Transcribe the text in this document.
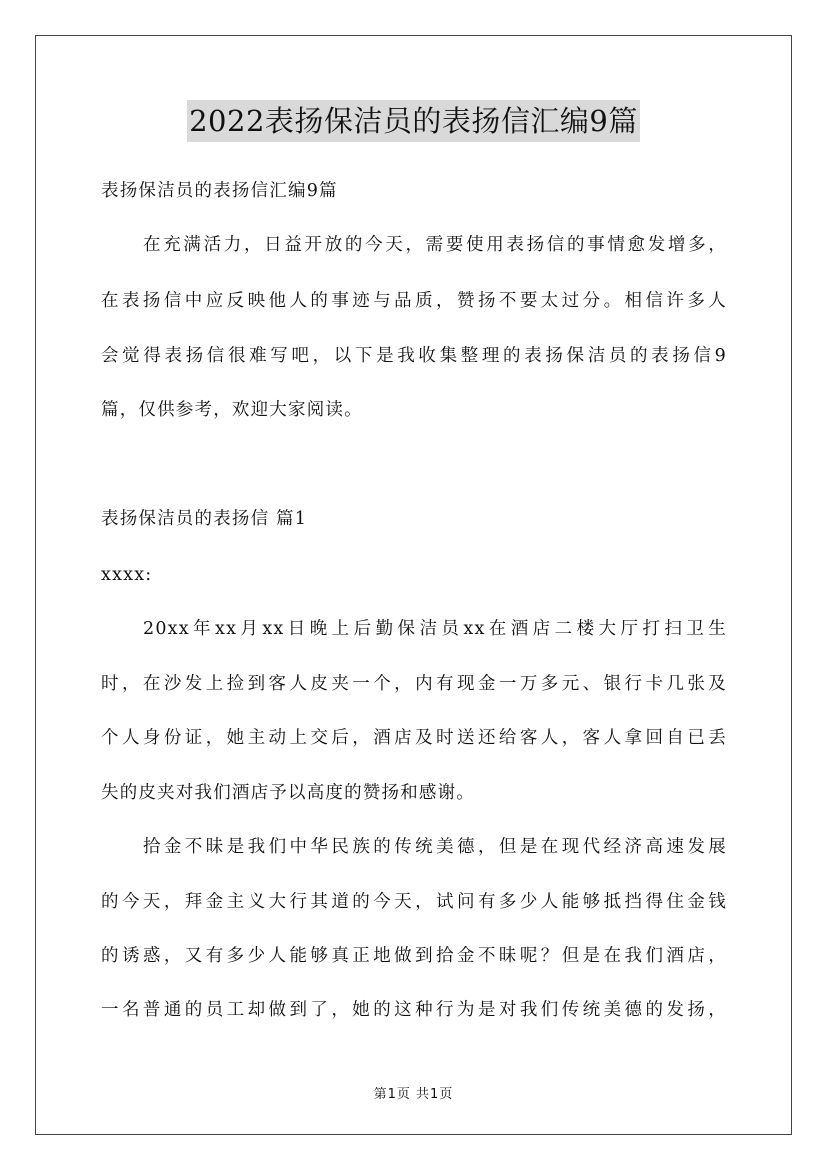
2022表扬保洁员的表扬信汇编9篇
表扬保洁员的表扬信汇编9篇
在充满活力，日益开放的今天，需要使用表扬信的事情愈发增多，
在表扬信中应反映他人的事迹与品质，赞扬不要太过分。相信许多人
会觉得表扬信很难写吧，以下是我收集整理的表扬保洁员的表扬信9
篇，仅供参考，欢迎大家阅读。
表扬保洁员的表扬信 篇1
xxxx:
20xx年xx月xx日晚上后勤保洁员xx在酒店二楼大厅打扫卫生
时，在沙发上捡到客人皮夹一个，内有现金一万多元、银行卡几张及
个人身份证，她主动上交后，酒店及时送还给客人，客人拿回自已丢
失的皮夹对我们酒店予以高度的赞扬和感谢。
拾金不昧是我们中华民族的传统美德，但是在现代经济高速发展
的今天，拜金主义大行其道的今天，试问有多少人能够抵挡得住金钱
的诱惑，又有多少人能够真正地做到拾金不昧呢？但是在我们酒店，
一名普通的员工却做到了，她的这种行为是对我们传统美德的发扬，
第1页 共1页
